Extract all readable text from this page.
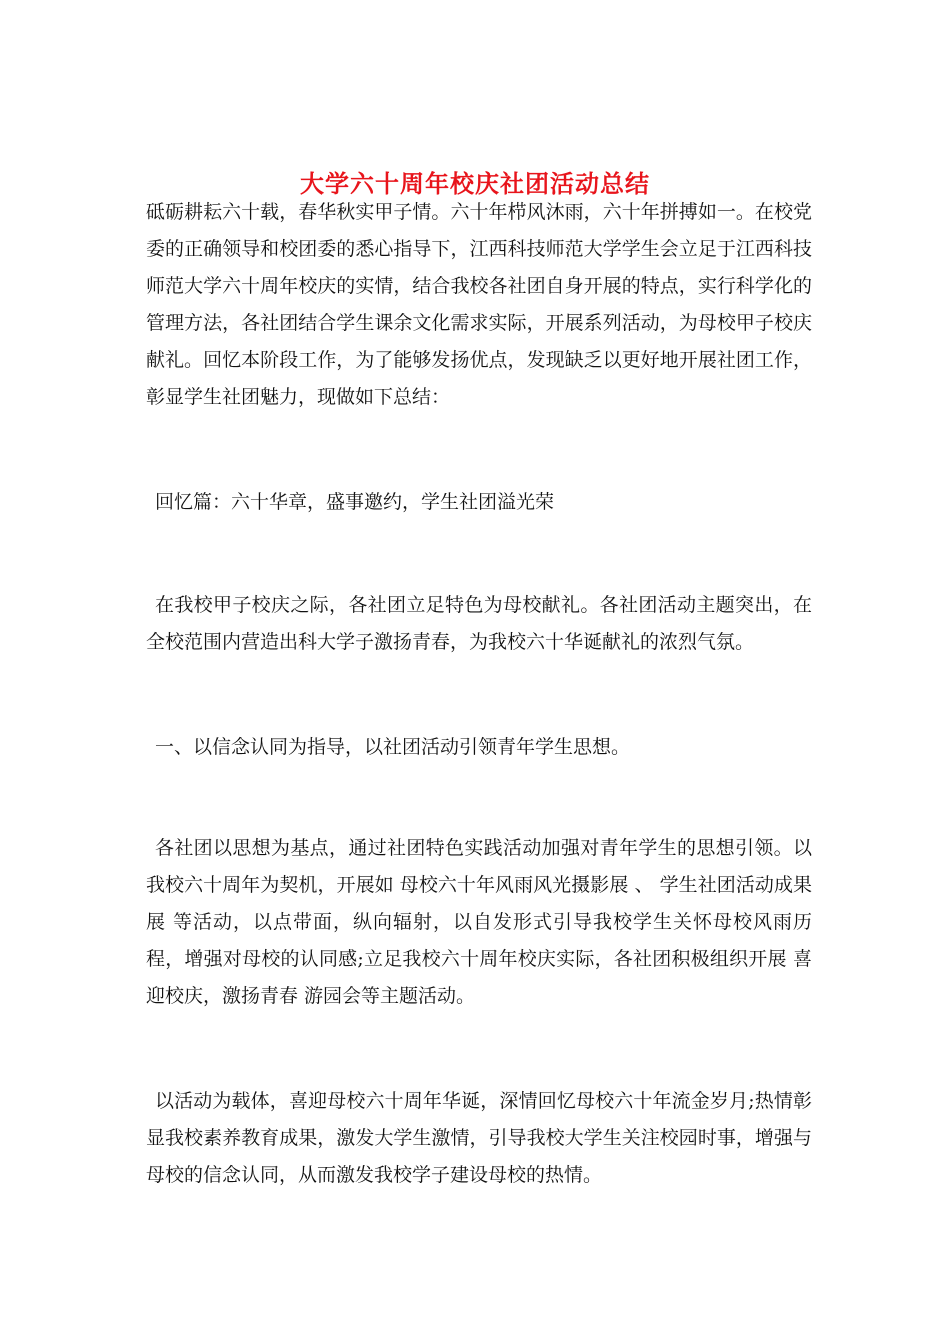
大学六十周年校庆社团活动总结

砥砺耕耘六十载，春华秋实甲子情。六十年栉风沐雨，六十年拼搏如一。在校党委的正确领导和校团委的悉心指导下，江西科技师范大学学生会立足于江西科技师范大学六十周年校庆的实情，结合我校各社团自身开展的特点，实行科学化的管理方法，各社团结合学生课余文化需求实际，开展系列活动，为母校甲子校庆献礼。回忆本阶段工作，为了能够发扬优点，发现缺乏以更好地开展社团工作，彰显学生社团魅力，现做如下总结：

回忆篇：六十华章，盛事邀约，学生社团溢光荣

在我校甲子校庆之际，各社团立足特色为母校献礼。各社团活动主题突出，在全校范围内营造出科大学子激扬青春，为我校六十华诞献礼的浓烈气氛。

一、以信念认同为指导，以社团活动引领青年学生思想。

各社团以思想为基点，通过社团特色实践活动加强对青年学生的思想引领。以我校六十周年为契机，开展如 母校六十年风雨风光摄影展 、 学生社团活动成果展 等活动，以点带面，纵向辐射，以自发形式引导我校学生关怀母校风雨历程，增强对母校的认同感;立足我校六十周年校庆实际，各社团积极组织开展 喜迎校庆，激扬青春 游园会等主题活动。

以活动为载体，喜迎母校六十周年华诞，深情回忆母校六十年流金岁月;热情彰显我校素养教育成果，激发大学生激情，引导我校大学生关注校园时事，增强与母校的信念认同，从而激发我校学子建设母校的热情。
